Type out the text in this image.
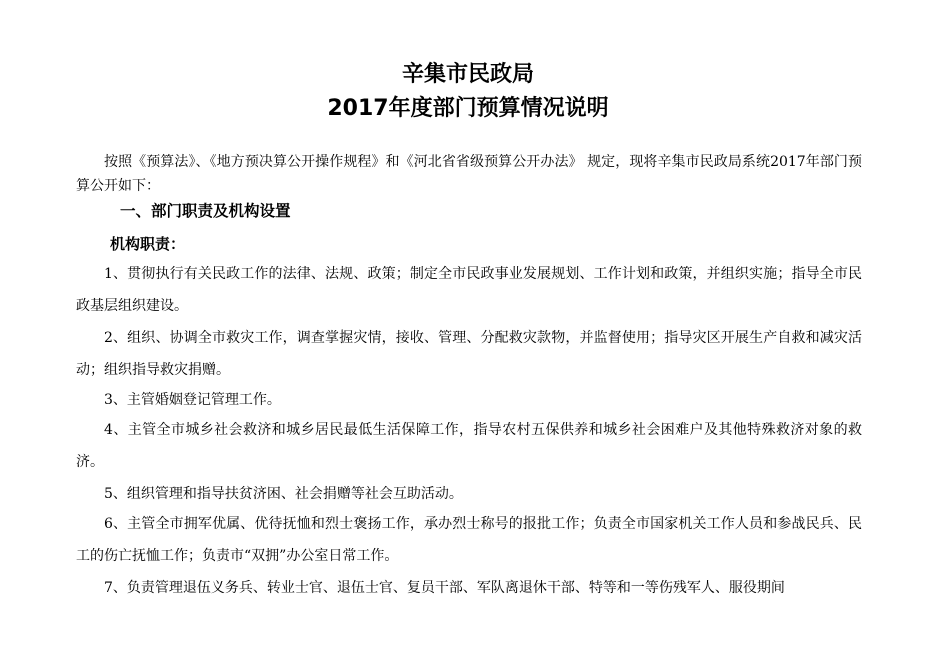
辛集市民政局
2017年度部门预算情况说明
按照《预算法》、《地方预决算公开操作规程》和《河北省省级预算公开办法》 规定，现将辛集市民政局系统2017年部门预算公开如下：
一、部门职责及机构设置
机构职责：
1、贯彻执行有关民政工作的法律、法规、政策；制定全市民政事业发展规划、工作计划和政策，并组织实施；指导全市民政基层组织建设。
2、组织、协调全市救灾工作，调查掌握灾情，接收、管理、分配救灾款物，并监督使用；指导灾区开展生产自救和减灾活动；组织指导救灾捐赠。
3、主管婚姻登记管理工作。
4、主管全市城乡社会救济和城乡居民最低生活保障工作，指导农村五保供养和城乡社会困难户及其他特殊救济对象的救济。
5、组织管理和指导扶贫济困、社会捐赠等社会互助活动。
6、主管全市拥军优属、优待抚恤和烈士褒扬工作，承办烈士称号的报批工作；负责全市国家机关工作人员和参战民兵、民工的伤亡抚恤工作；负责市“双拥”办公室日常工作。
7、负责管理退伍义务兵、转业士官、退伍士官、复员干部、军队离退休干部、特等和一等伤残军人、服役期间
